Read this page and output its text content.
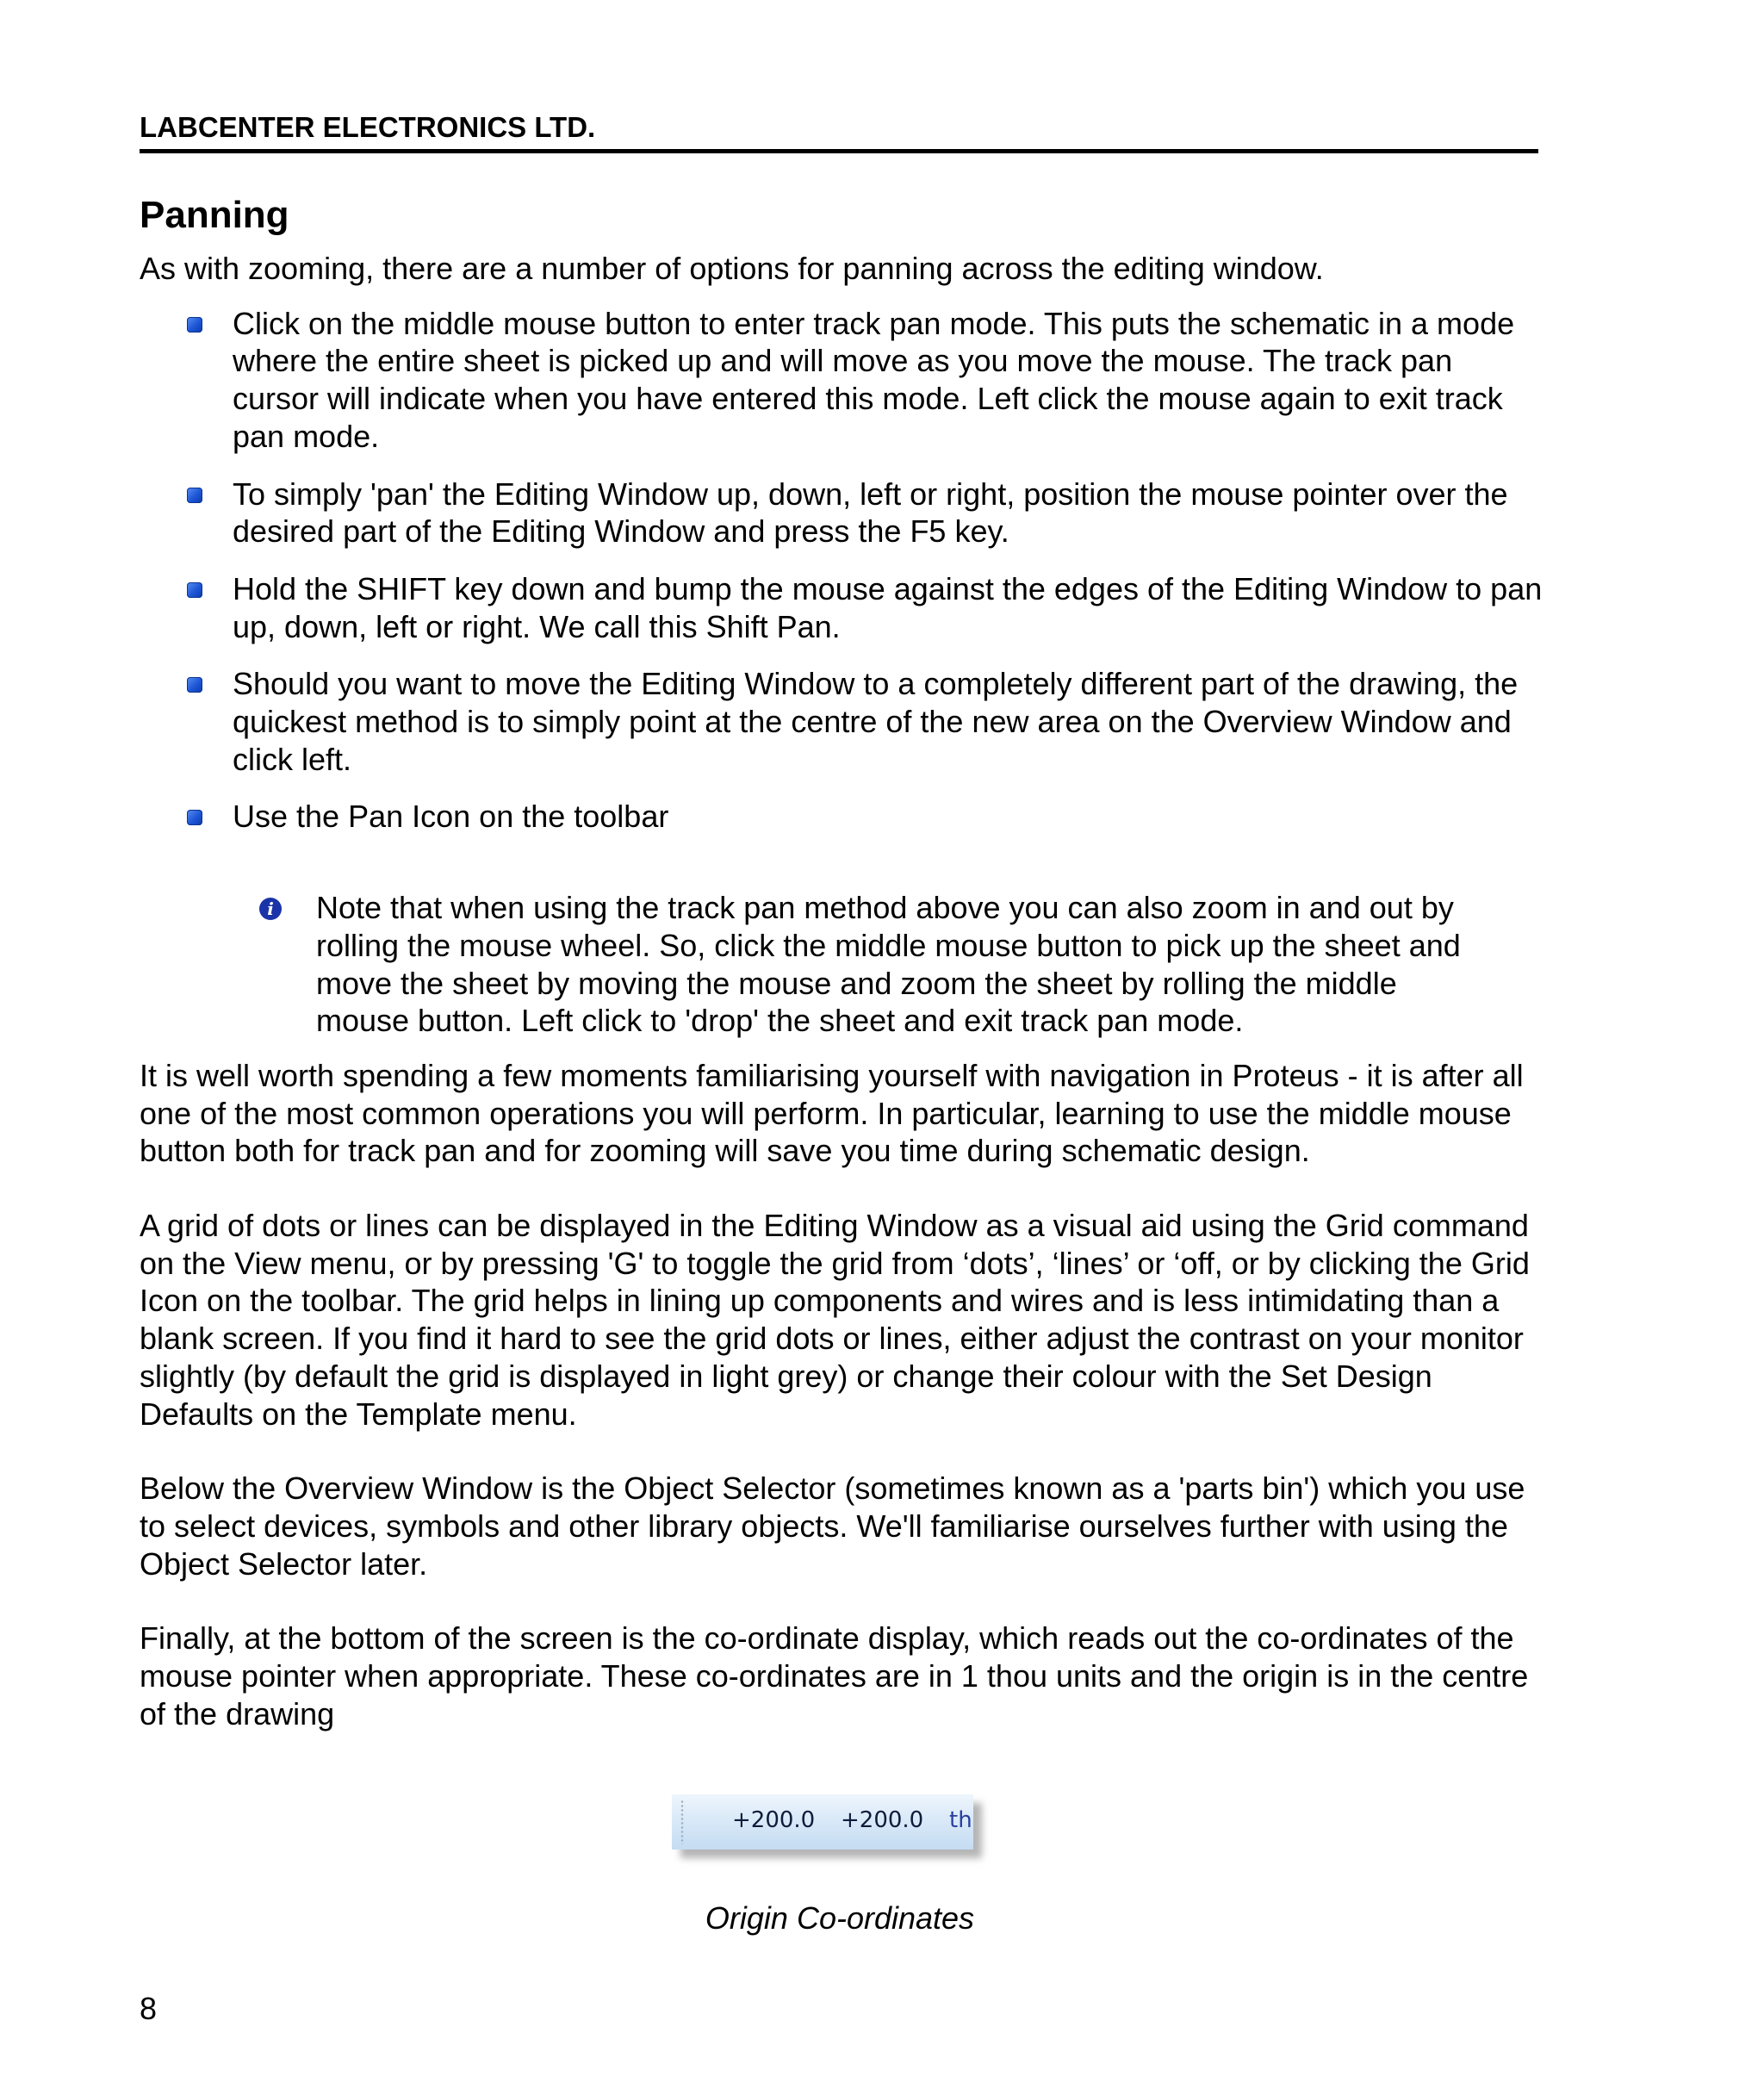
LABCENTER ELECTRONICS LTD.
Panning

As with zooming, there are a number of options for panning across the editing window.

Click on the middle mouse button to enter track pan mode. This puts the schematic in a mode where the entire sheet is picked up and will move as you move the mouse. The track pan cursor will indicate when you have entered this mode. Left click the mouse again to exit track pan mode.
To simply 'pan' the Editing Window up, down, left or right, position the mouse pointer over the desired part of the Editing Window and press the F5 key.
Hold the SHIFT key down and bump the mouse against the edges of the Editing Window to pan up, down, left or right. We call this Shift Pan.
Should you want to move the Editing Window to a completely different part of the drawing, the quickest method is to simply point at the centre of the new area on the Overview Window and click left.
Use the Pan Icon on the toolbar
i Note that when using the track pan method above you can also zoom in and out by rolling the mouse wheel. So, click the middle mouse button to pick up the sheet and move the sheet by moving the mouse and zoom the sheet by rolling the middle mouse button. Left click to 'drop' the sheet and exit track pan mode.

It is well worth spending a few moments familiarising yourself with navigation in Proteus - it is after all one of the most common operations you will perform. In particular, learning to use the middle mouse button both for track pan and for zooming will save you time during schematic design.

A grid of dots or lines can be displayed in the Editing Window as a visual aid using the Grid command on the View menu, or by pressing 'G' to toggle the grid from ‘dots’, ‘lines’ or ‘off, or by clicking the Grid Icon on the toolbar. The grid helps in lining up components and wires and is less intimidating than a blank screen. If you find it hard to see the grid dots or lines, either adjust the contrast on your monitor slightly (by default the grid is displayed in light grey) or change their colour with the Set Design Defaults on the Template menu.

Below the Overview Window is the Object Selector (sometimes known as a 'parts bin') which you use to select devices, symbols and other library objects. We'll familiarise ourselves further with using the Object Selector later.

Finally, at the bottom of the screen is the co-ordinate display, which reads out the co-ordinates of the mouse pointer when appropriate. These co-ordinates are in 1 thou units and the origin is in the centre of the drawing

+200.0 +200.0 th
Origin Co-ordinates
8
